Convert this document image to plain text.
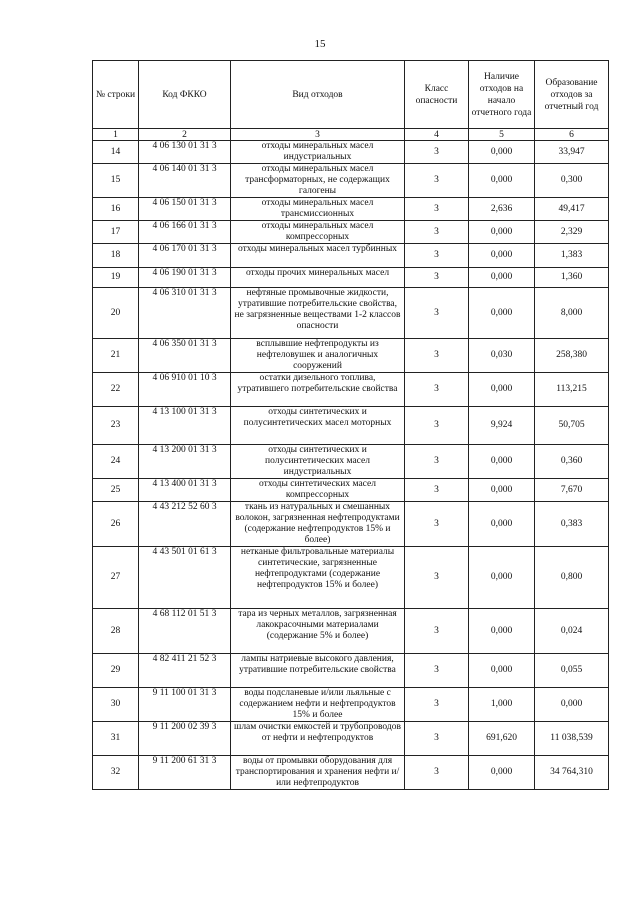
15
№ строки	Код ФККО	Вид отходов	Класс опасности	Наличие отходов на начало отчетного года	Образование отходов за отчетный год
1	2	3	4	5	6
14	4 06 130 01 31 3	отходы минеральных масел индустриальных	3	0,000	33,947
15	4 06 140 01 31 3	отходы минеральных масел трансформаторных, не содержащих галогены	3	0,000	0,300
16	4 06 150 01 31 3	отходы минеральных масел трансмиссионных	3	2,636	49,417
17	4 06 166 01 31 3	отходы минеральных масел компрессорных	3	0,000	2,329
18	4 06 170 01 31 3	отходы минеральных масел турбинных	3	0,000	1,383
19	4 06 190 01 31 3	отходы прочих минеральных масел	3	0,000	1,360
20	4 06 310 01 31 3	нефтяные промывочные жидкости, утратившие потребительские свойства, не загрязненные веществами 1-2 классов опасности	3	0,000	8,000
21	4 06 350 01 31 3	всплывшие нефтепродукты из нефтеловушек и аналогичных сооружений	3	0,030	258,380
22	4 06 910 01 10 3	остатки дизельного топлива, утратившего потребительские свойства	3	0,000	113,215
23	4 13 100 01 31 3	отходы синтетических и полусинтетических масел моторных	3	9,924	50,705
24	4 13 200 01 31 3	отходы синтетических и полусинтетических масел индустриальных	3	0,000	0,360
25	4 13 400 01 31 3	отходы синтетических масел компрессорных	3	0,000	7,670
26	4 43 212 52 60 3	ткань из натуральных и смешанных волокон, загрязненная нефтепродуктами (содержание нефтепродуктов 15% и более)	3	0,000	0,383
27	4 43 501 01 61 3	нетканые фильтровальные материалы синтетические, загрязненные нефтепродуктами (содержание нефтепродуктов 15% и более)	3	0,000	0,800
28	4 68 112 01 51 3	тара из черных металлов, загрязненная лакокрасочными материалами (содержание 5% и более)	3	0,000	0,024
29	4 82 411 21 52 3	лампы натриевые высокого давления, утратившие потребительские свойства	3	0,000	0,055
30	9 11 100 01 31 3	воды подсланевые и/или льяльные с содержанием нефти и нефтепродуктов 15% и более	3	1,000	0,000
31	9 11 200 02 39 3	шлам очистки емкостей и трубопроводов от нефти и нефтепродуктов	3	691,620	11 038,539
32	9 11 200 61 31 3	воды от промывки оборудования для транспортирования и хранения нефти и/или нефтепродуктов	3	0,000	34 764,310
